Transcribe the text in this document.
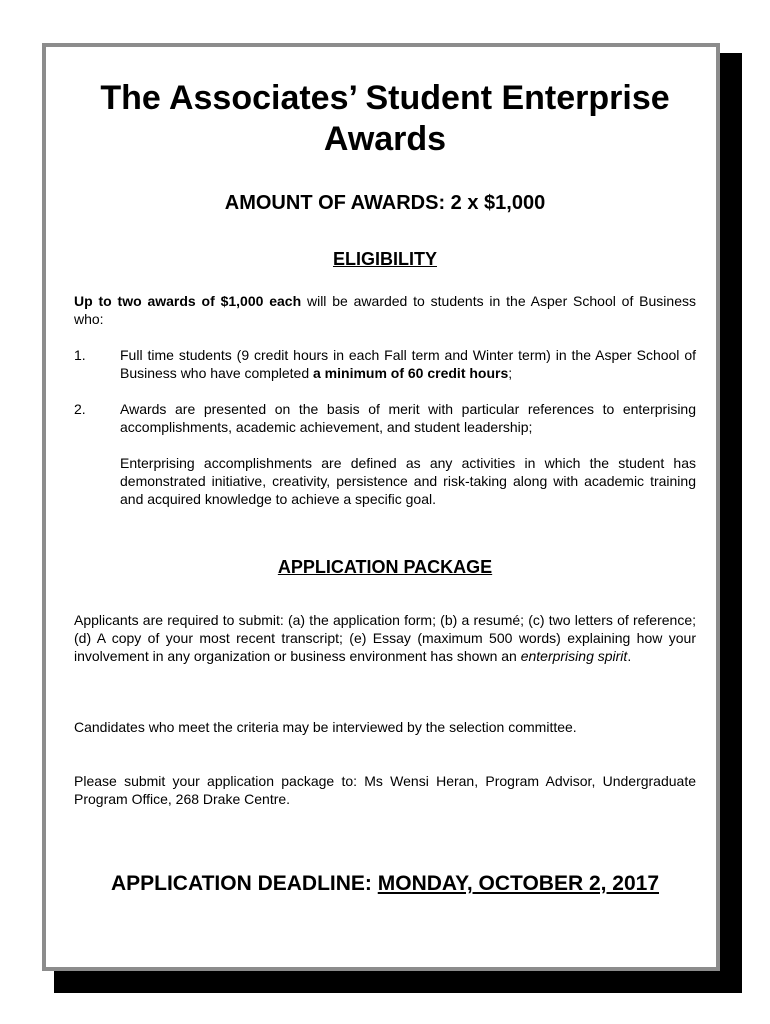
The Associates’ Student Enterprise
Awards
AMOUNT OF AWARDS: 2 x $1,000
ELIGIBILITY
Up to two awards of $1,000 each will be awarded to students in the Asper School of Business who:
1. Full time students (9 credit hours in each Fall term and Winter term) in the Asper School of Business who have completed a minimum of 60 credit hours;
2. Awards are presented on the basis of merit with particular references to enterprising accomplishments, academic achievement, and student leadership;
Enterprising accomplishments are defined as any activities in which the student has demonstrated initiative, creativity, persistence and risk-taking along with academic training and acquired knowledge to achieve a specific goal.
APPLICATION PACKAGE
Applicants are required to submit: (a) the application form; (b) a resumé; (c) two letters of reference; (d) A copy of your most recent transcript; (e) Essay (maximum 500 words) explaining how your involvement in any organization or business environment has shown an enterprising spirit.
Candidates who meet the criteria may be interviewed by the selection committee.
Please submit your application package to: Ms Wensi Heran, Program Advisor, Undergraduate Program Office, 268 Drake Centre.
APPLICATION DEADLINE: MONDAY, OCTOBER 2, 2017
